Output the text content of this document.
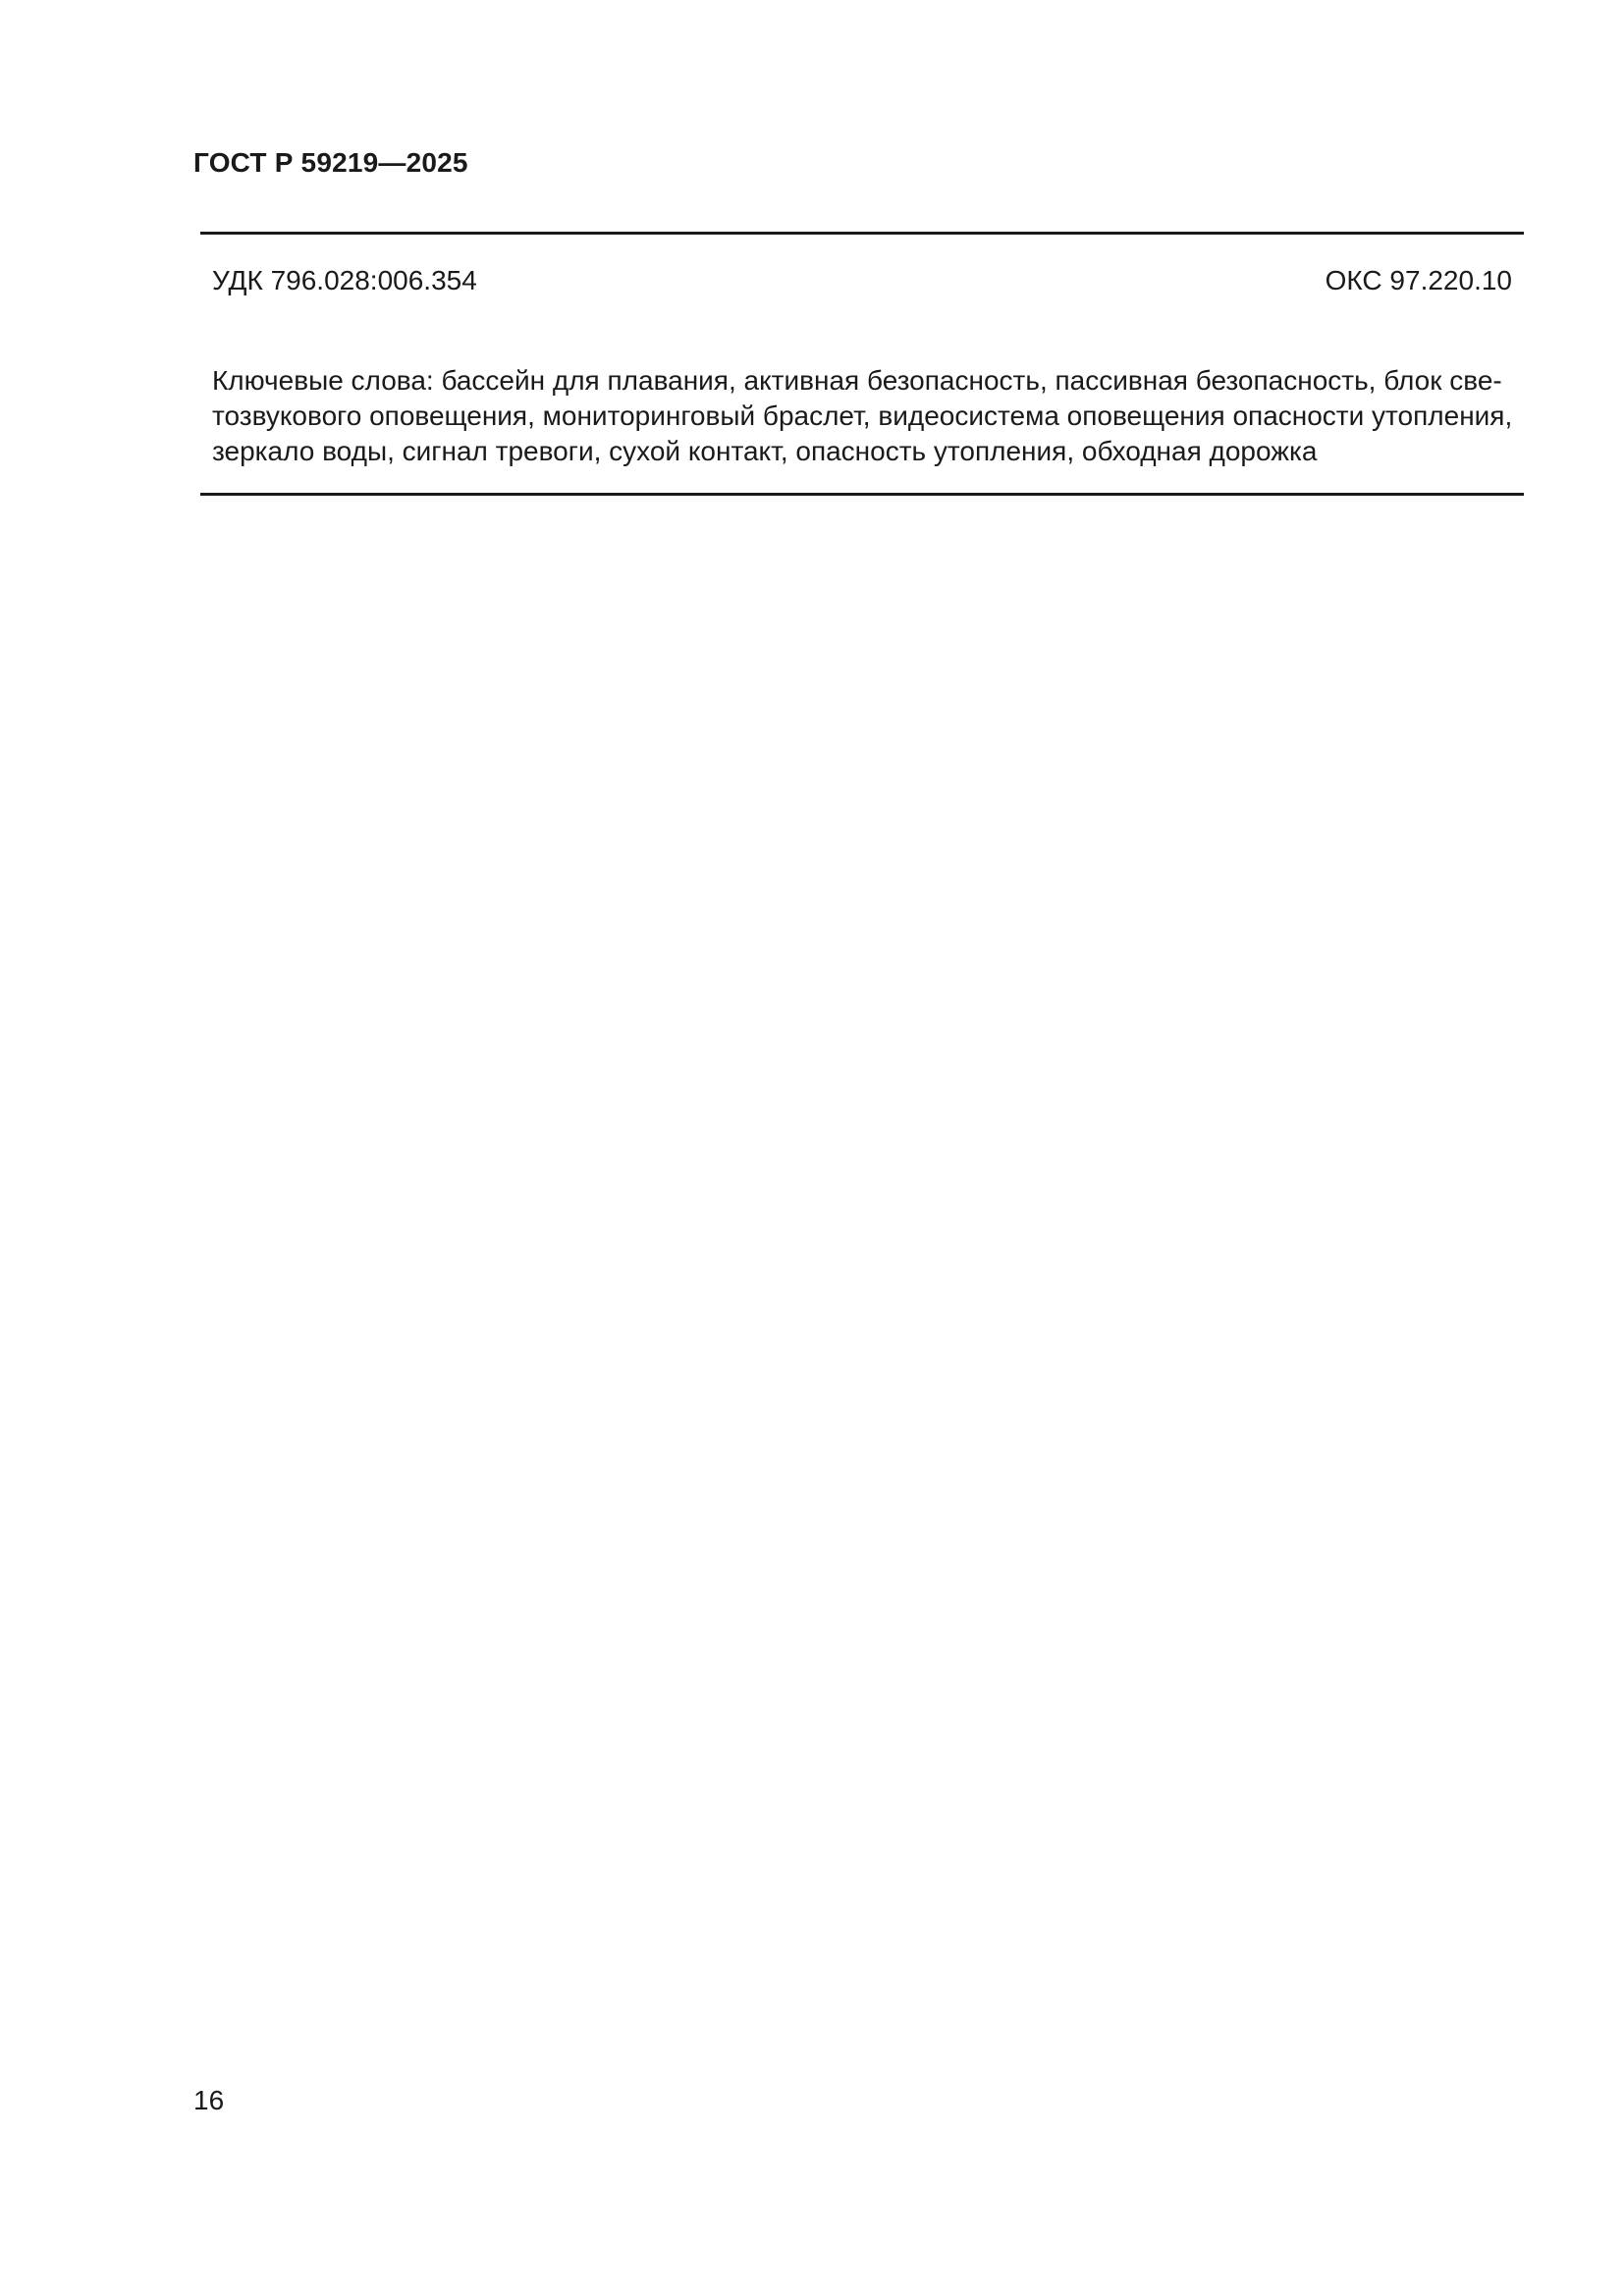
ГОСТ Р 59219—2025
УДК 796.028:006.354	ОКС 97.220.10
Ключевые слова: бассейн для плавания, активная безопасность, пассивная безопасность, блок све-
тозвукового оповещения, мониторинговый браслет, видеосистема оповещения опасности утопления,
зеркало воды, сигнал тревоги, сухой контакт, опасность утопления, обходная дорожка
16
